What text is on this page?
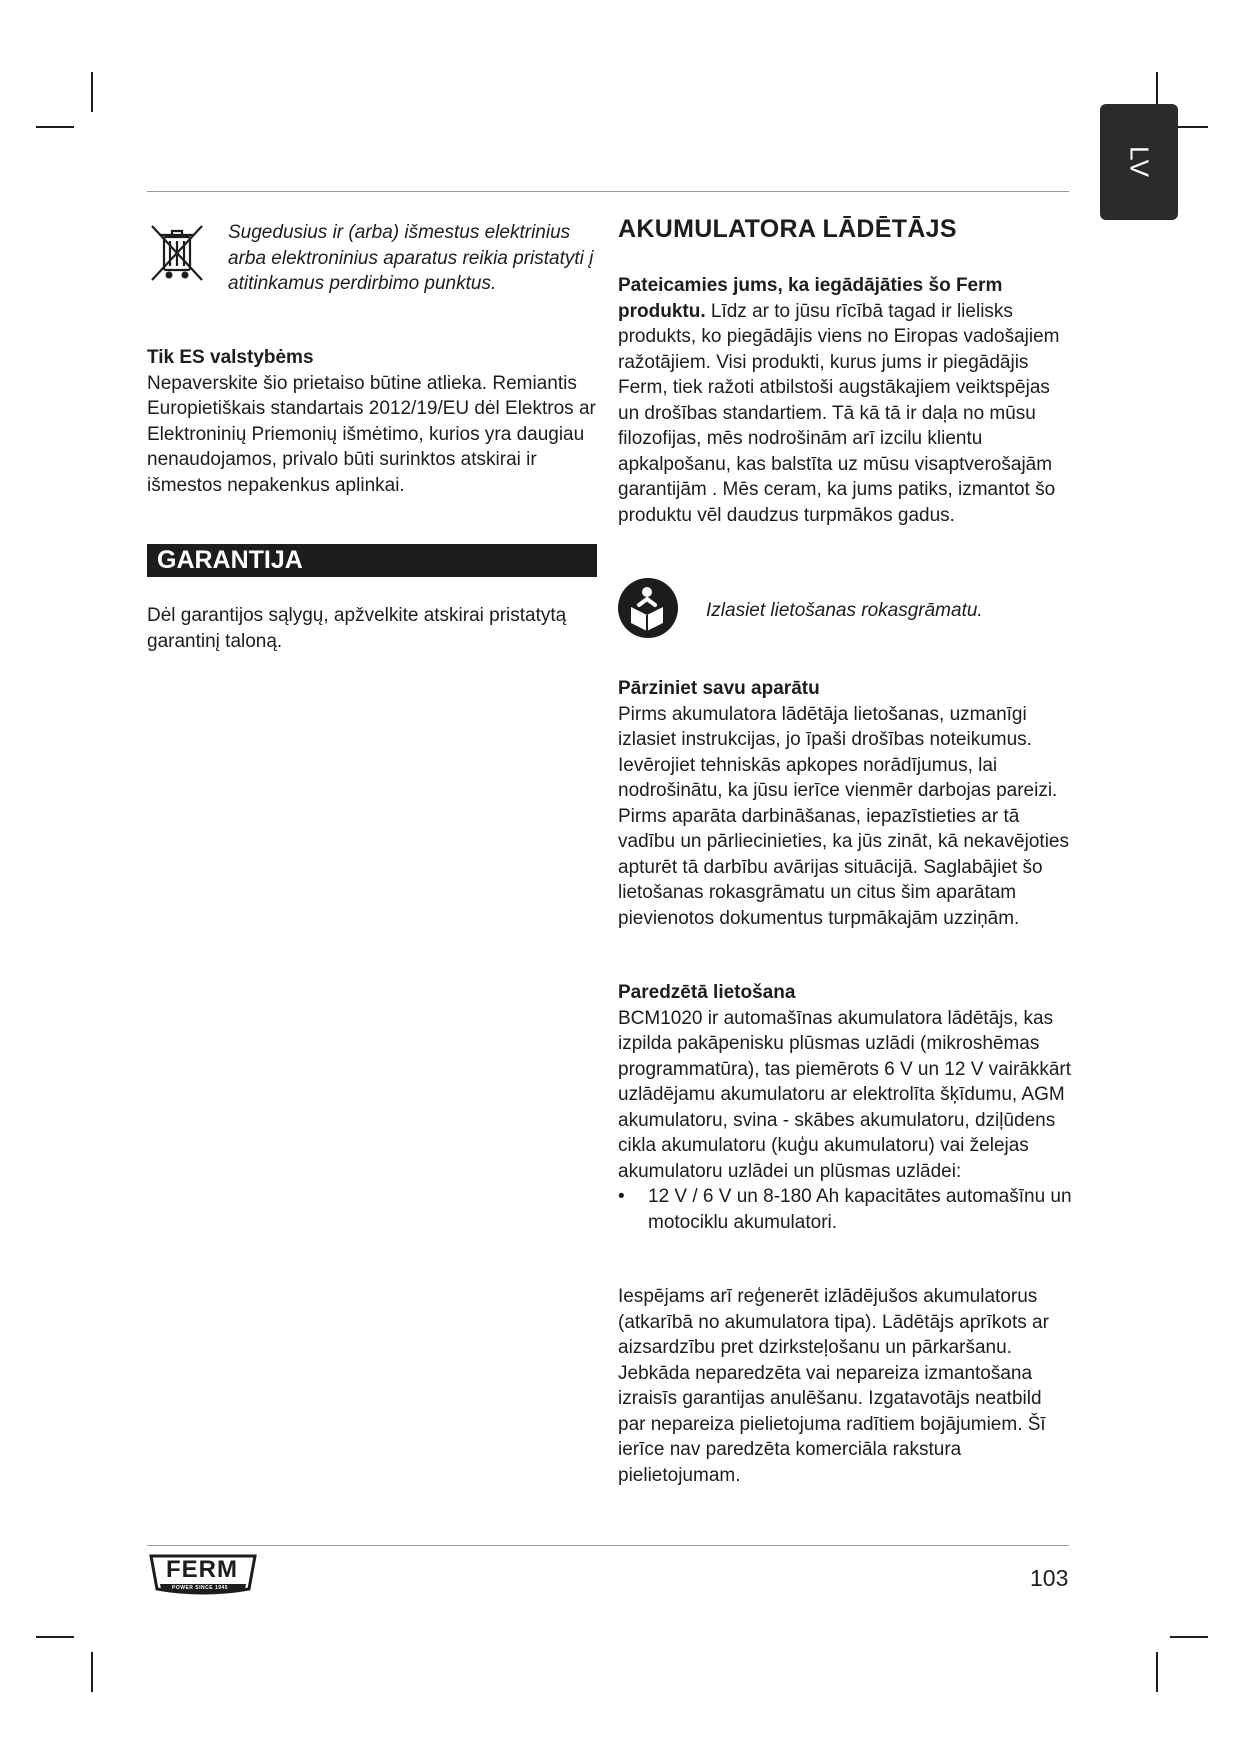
LV

Sugedusius ir (arba) išmestus elektrinius arba elektroninius aparatus reikia pristatyti į atitinkamus perdirbimo punktus.

Tik ES valstybėms

Nepaverskite šio prietaiso būtine atlieka. Remiantis Europietiškais standartais 2012/19/EU dėl Elektros ar Elektroninių Priemonių išmėtimo, kurios yra daugiau nenaudojamos, privalo būti surinktos atskirai ir išmestos nepakenkus aplinkai.

GARANTIJA

Dėl garantijos sąlygų, apžvelkite atskirai pristatytą garantinį taloną.

AKUMULATORA LĀDĒTĀJS

Pateicamies jums, ka iegādājāties šo Ferm produktu. Līdz ar to jūsu rīcībā tagad ir lielisks produkts, ko piegādājis viens no Eiropas vadošajiem ražotājiem. Visi produkti, kurus jums ir piegādājis Ferm, tiek ražoti atbilstoši augstākajiem veiktspējas un drošības standartiem. Tā kā tā ir daļa no mūsu filozofijas, mēs nodrošinām arī izcilu klientu apkalpošanu, kas balstīta uz mūsu visaptverošajām garantijām . Mēs ceram, ka jums patiks, izmantot šo produktu vēl daudzus turpmākos gadus.

Izlasiet lietošanas rokasgrāmatu.

Pārziniet savu aparātu

Pirms akumulatora lādētāja lietošanas, uzmanīgi izlasiet instrukcijas, jo īpaši drošības noteikumus. Ievērojiet tehniskās apkopes norādījumus, lai nodrošinātu, ka jūsu ierīce vienmēr darbojas pareizi. Pirms aparāta darbināšanas, iepazīstieties ar tā vadību un pārliecinieties, ka jūs zināt, kā nekavējoties apturēt tā darbību avārijas situācijā. Saglabājiet šo lietošanas rokasgrāmatu un citus šim aparātam pievienotos dokumentus turpmākajām uzziņām.

Paredzētā lietošana

BCM1020 ir automašīnas akumulatora lādētājs, kas izpilda pakāpenisku plūsmas uzlādi (mikroshēmas programmatūra), tas piemērots 6 V un 12 V vairākkārt uzlādējamu akumulatoru ar elektrolīta šķīdumu, AGM akumulatoru, svina - skābes akumulatoru, dziļūdens cikla akumulatoru (kuģu akumulatoru) vai želejas akumulatoru uzlādei un plūsmas uzlādei:

• 12 V / 6 V un 8-180 Ah kapacitātes automašīnu un motociklu akumulatori.

Iespējams arī reģenerēt izlādējušos akumulatorus (atkarībā no akumulatora tipa). Lādētājs aprīkots ar aizsardzību pret dzirksteļošanu un pārkaršanu. Jebkāda neparedzēta vai nepareiza izmantošana izraisīs garantijas anulēšanu. Izgatavotājs neatbild par nepareiza pielietojuma radītiem bojājumiem. Šī ierīce nav paredzēta komerciāla rakstura pielietojumam.

FERM
POWER SINCE 1945	103
